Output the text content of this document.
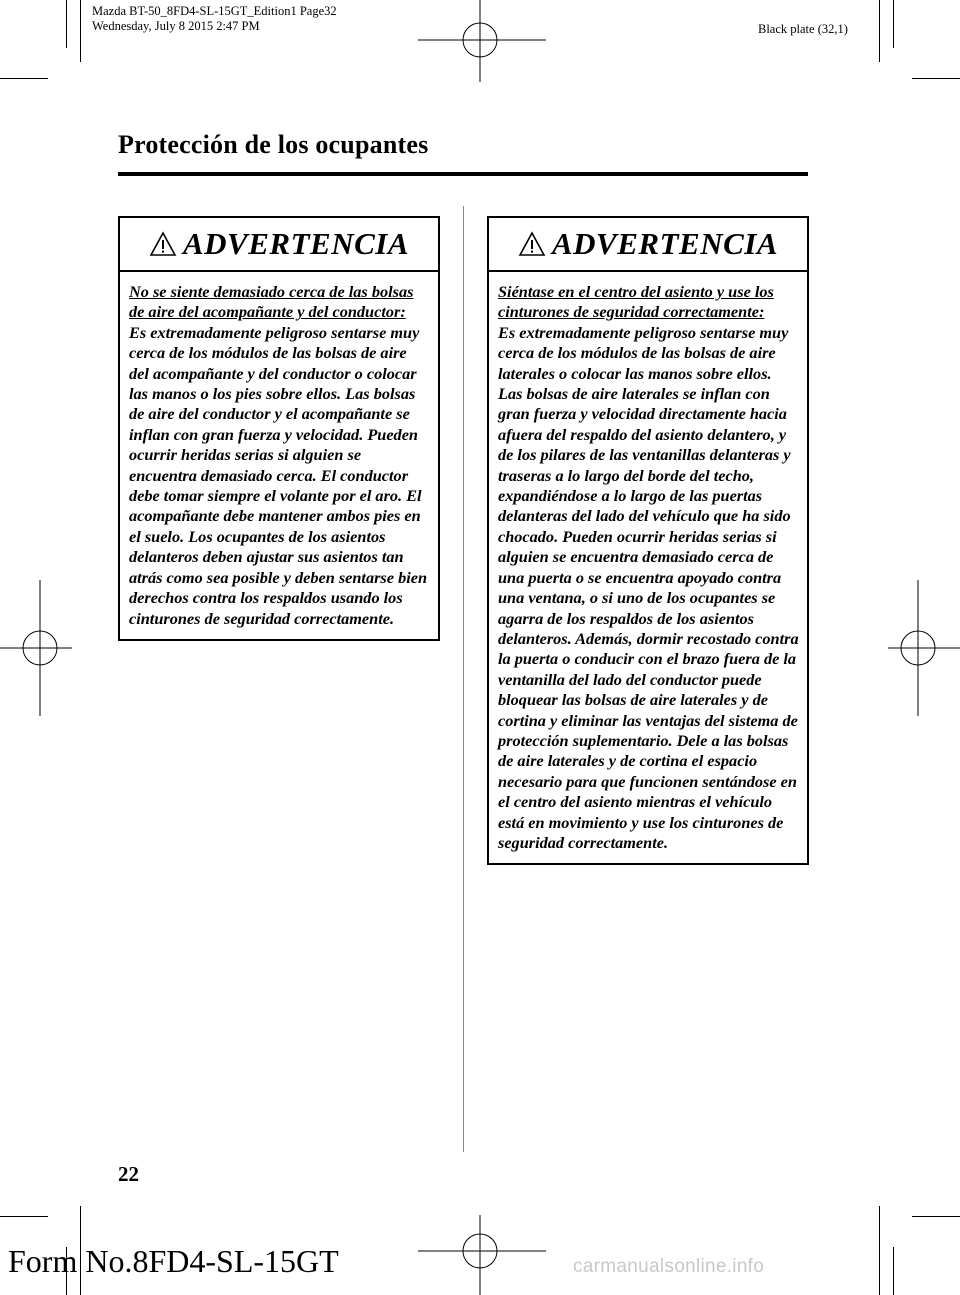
Mazda BT-50_8FD4-SL-15GT_Edition1 Page32
Wednesday, July 8 2015 2:47 PM	Black plate (32,1)
Protección de los ocupantes
ADVERTENCIA
No se siente demasiado cerca de las bolsas de aire del acompañante y del conductor:
Es extremadamente peligroso sentarse muy cerca de los módulos de las bolsas de aire del acompañante y del conductor o colocar las manos o los pies sobre ellos. Las bolsas de aire del conductor y el acompañante se inflan con gran fuerza y velocidad. Pueden ocurrir heridas serias si alguien se encuentra demasiado cerca. El conductor debe tomar siempre el volante por el aro. El acompañante debe mantener ambos pies en el suelo. Los ocupantes de los asientos delanteros deben ajustar sus asientos tan atrás como sea posible y deben sentarse bien derechos contra los respaldos usando los cinturones de seguridad correctamente.
ADVERTENCIA
Siéntase en el centro del asiento y use los cinturones de seguridad correctamente:
Es extremadamente peligroso sentarse muy cerca de los módulos de las bolsas de aire laterales o colocar las manos sobre ellos. Las bolsas de aire laterales se inflan con gran fuerza y velocidad directamente hacia afuera del respaldo del asiento delantero, y de los pilares de las ventanillas delanteras y traseras a lo largo del borde del techo, expandiéndose a lo largo de las puertas delanteras del lado del vehículo que ha sido chocado. Pueden ocurrir heridas serias si alguien se encuentra demasiado cerca de una puerta o se encuentra apoyado contra una ventana, o si uno de los ocupantes se agarra de los respaldos de los asientos delanteros. Además, dormir recostado contra la puerta o conducir con el brazo fuera de la ventanilla del lado del conductor puede bloquear las bolsas de aire laterales y de cortina y eliminar las ventajas del sistema de protección suplementario. Dele a las bolsas de aire laterales y de cortina el espacio necesario para que funcionen sentándose en el centro del asiento mientras el vehículo está en movimiento y use los cinturones de seguridad correctamente.
22
Form No.8FD4-SL-15GT	carmanualsonline.info
